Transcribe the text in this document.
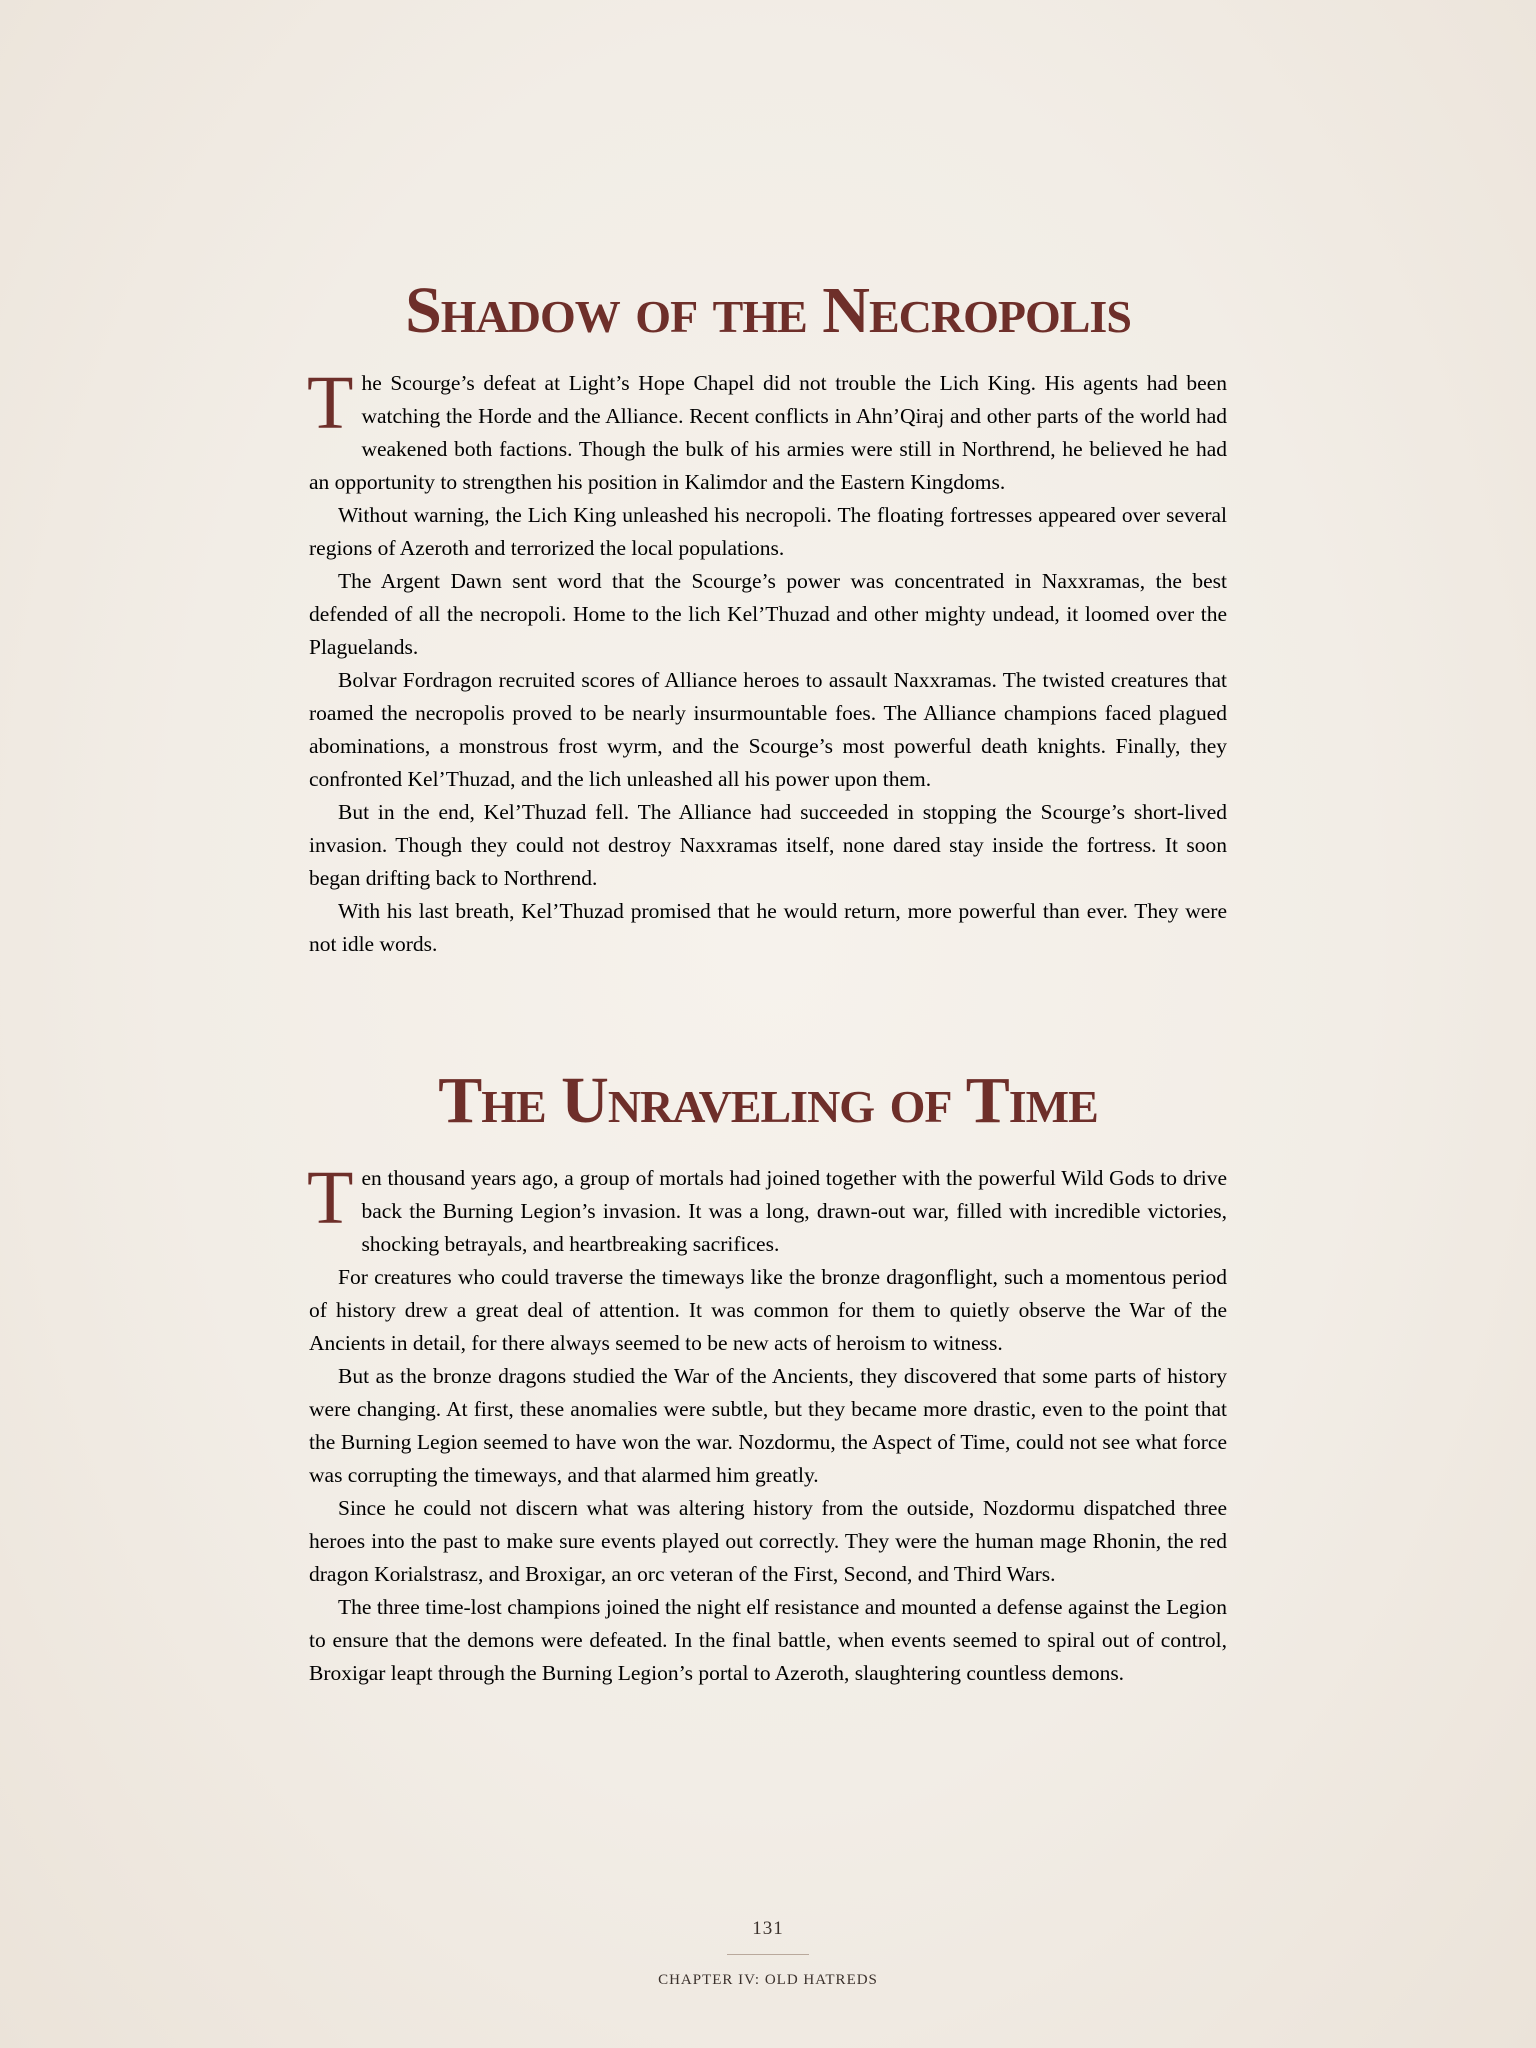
Shadow of the Necropolis

The Scourge’s defeat at Light’s Hope Chapel did not trouble the Lich King. His agents had been watching the Horde and the Alliance. Recent conflicts in Ahn’Qiraj and other parts of the world had weakened both factions. Though the bulk of his armies were still in Northrend, he believed he had an opportunity to strengthen his position in Kalimdor and the Eastern Kingdoms.

Without warning, the Lich King unleashed his necropoli. The floating fortresses appeared over several regions of Azeroth and terrorized the local populations.

The Argent Dawn sent word that the Scourge’s power was concentrated in Naxxramas, the best defended of all the necropoli. Home to the lich Kel’Thuzad and other mighty undead, it loomed over the Plaguelands.

Bolvar Fordragon recruited scores of Alliance heroes to assault Naxxramas. The twisted creatures that roamed the necropolis proved to be nearly insurmountable foes. The Alliance champions faced plagued abominations, a monstrous frost wyrm, and the Scourge’s most powerful death knights. Finally, they confronted Kel’Thuzad, and the lich unleashed all his power upon them.

But in the end, Kel’Thuzad fell. The Alliance had succeeded in stopping the Scourge’s short-lived invasion. Though they could not destroy Naxxramas itself, none dared stay inside the fortress. It soon began drifting back to Northrend.

With his last breath, Kel’Thuzad promised that he would return, more powerful than ever. They were not idle words.

The Unraveling of Time

Ten thousand years ago, a group of mortals had joined together with the powerful Wild Gods to drive back the Burning Legion’s invasion. It was a long, drawn-out war, filled with incredible victories, shocking betrayals, and heartbreaking sacrifices.

For creatures who could traverse the timeways like the bronze dragonflight, such a momentous period of history drew a great deal of attention. It was common for them to quietly observe the War of the Ancients in detail, for there always seemed to be new acts of heroism to witness.

But as the bronze dragons studied the War of the Ancients, they discovered that some parts of history were changing. At first, these anomalies were subtle, but they became more drastic, even to the point that the Burning Legion seemed to have won the war. Nozdormu, the Aspect of Time, could not see what force was corrupting the timeways, and that alarmed him greatly.

Since he could not discern what was altering history from the outside, Nozdormu dispatched three heroes into the past to make sure events played out correctly. They were the human mage Rhonin, the red dragon Korialstrasz, and Broxigar, an orc veteran of the First, Second, and Third Wars.

The three time-lost champions joined the night elf resistance and mounted a defense against the Legion to ensure that the demons were defeated. In the final battle, when events seemed to spiral out of control, Broxigar leapt through the Burning Legion’s portal to Azeroth, slaughtering countless demons.

131
CHAPTER IV: OLD HATREDS
